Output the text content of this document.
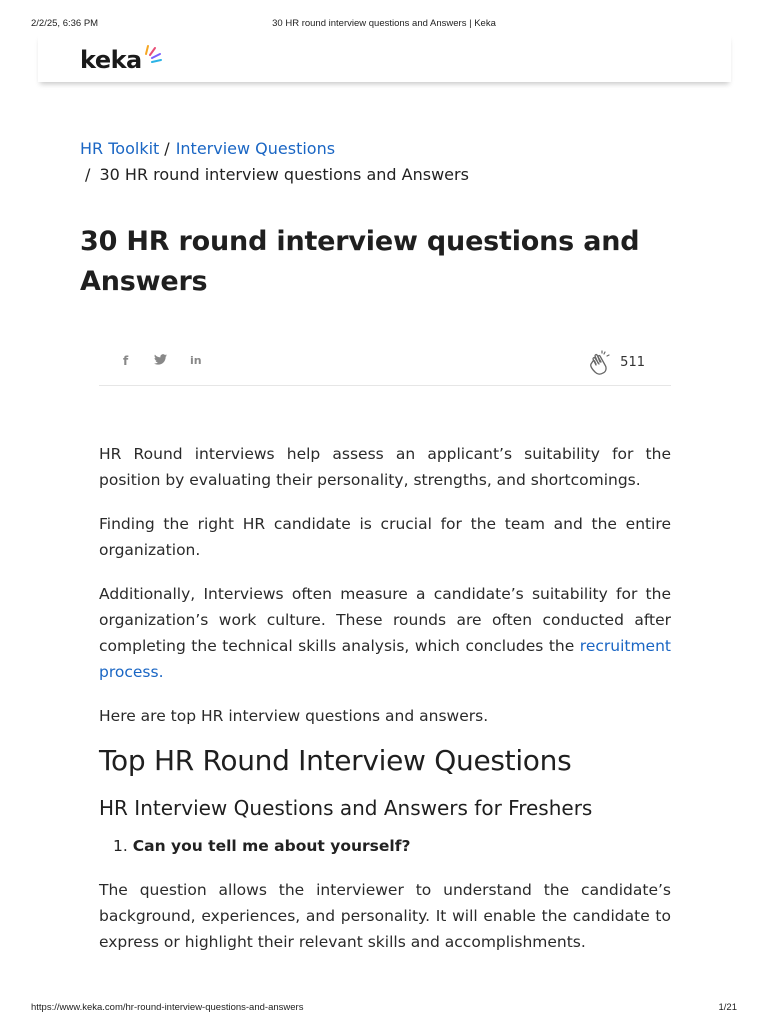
2/2/25, 6:36 PM	30 HR round interview questions and Answers | Keka
keka
HR Toolkit / Interview Questions
/ 30 HR round interview questions and Answers
30 HR round interview questions and Answers
f	in	511

HR Round interviews help assess an applicant’s suitability for the position by evaluating their personality, strengths, and shortcomings.

Finding the right HR candidate is crucial for the team and the entire organization.

Additionally, Interviews often measure a candidate’s suitability for the organization’s work culture. These rounds are often conducted after completing the technical skills analysis, which concludes the recruitment process.

Here are top HR interview questions and answers.

Top HR Round Interview Questions
HR Interview Questions and Answers for Freshers
1. Can you tell me about yourself?

The question allows the interviewer to understand the candidate’s background, experiences, and personality. It will enable the candidate to express or highlight their relevant skills and accomplishments.

https://www.keka.com/hr-round-interview-questions-and-answers	1/21
